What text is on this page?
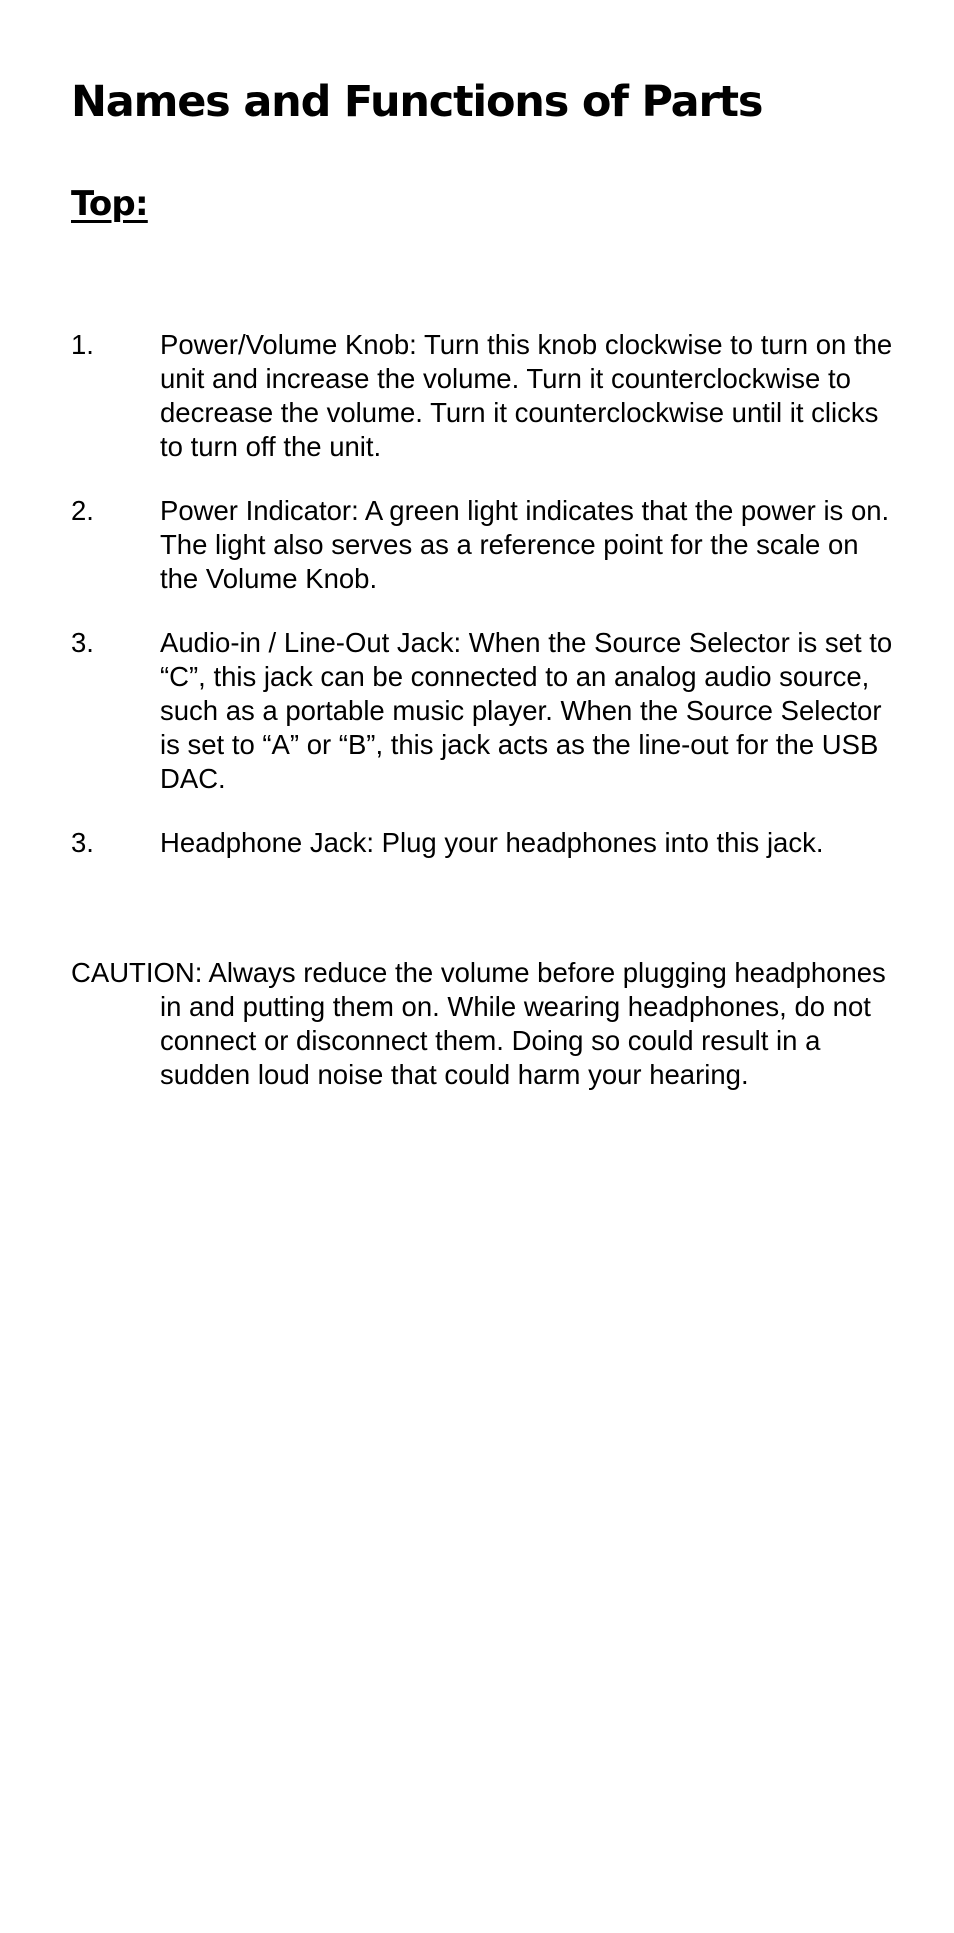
Names and Functions of Parts
Top:
1.	Power/Volume Knob: Turn this knob clockwise to turn on the unit and increase the volume. Turn it counterclockwise to decrease the volume. Turn it counterclockwise until it clicks to turn off the unit.
2.	Power Indicator: A green light indicates that the power is on. The light also serves as a reference point for the scale on the Volume Knob.
3.	Audio-in / Line-Out Jack: When the Source Selector is set to “C”, this jack can be connected to an analog audio source, such as a portable music player. When the Source Selector is set to “A” or “B”, this jack acts as the line-out for the USB DAC.
3.	Headphone Jack: Plug your headphones into this jack.

CAUTION: Always reduce the volume before plugging headphones in and putting them on. While wearing headphones, do not connect or disconnect them. Doing so could result in a sudden loud noise that could harm your hearing.
